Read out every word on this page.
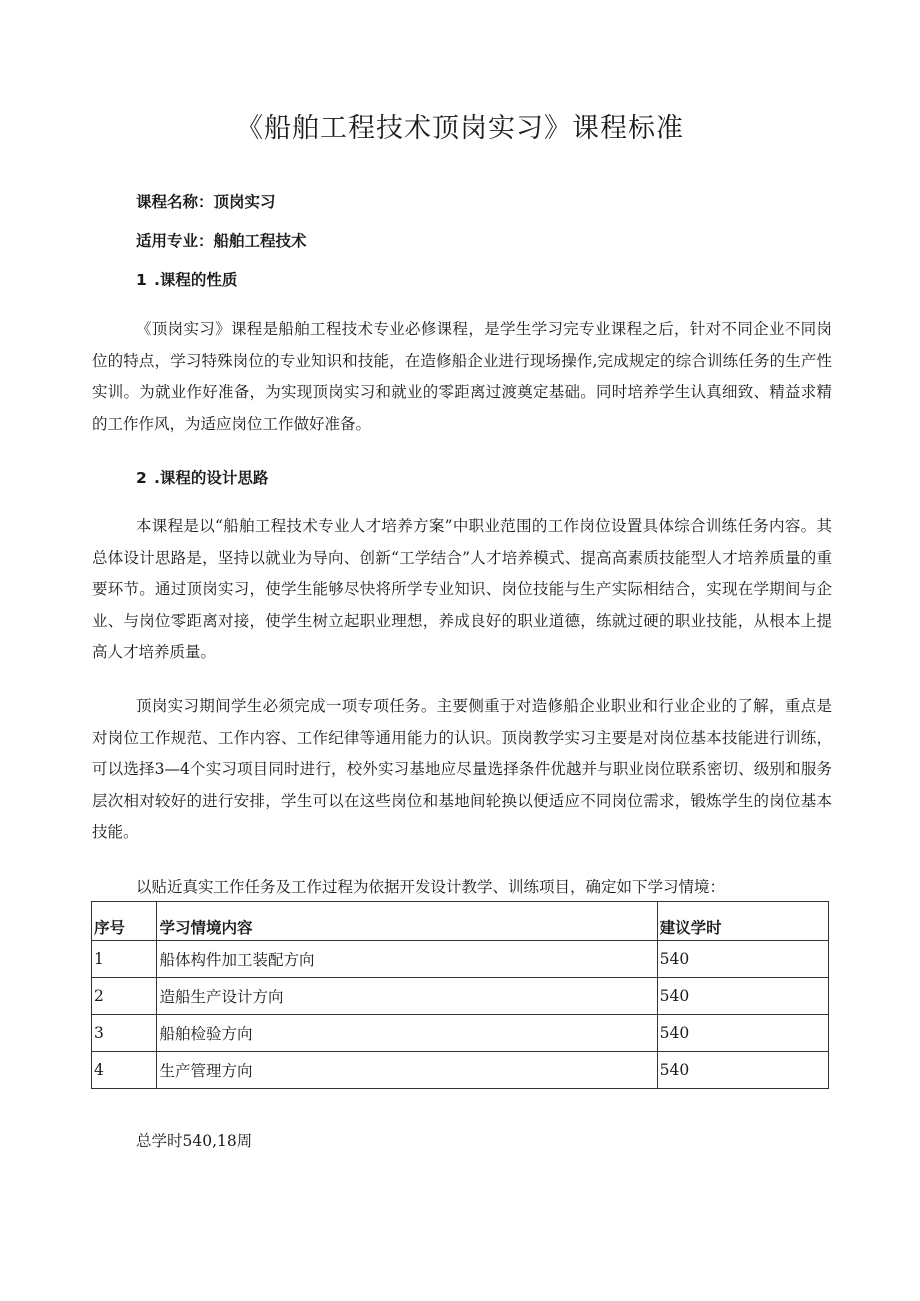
《船舶工程技术顶岗实习》课程标准
课程名称：顶岗实习
适用专业：船舶工程技术
1 .课程的性质
《顶岗实习》课程是船舶工程技术专业必修课程，是学生学习完专业课程之后，针对不同企业不同岗位的特点，学习特殊岗位的专业知识和技能，在造修船企业进行现场操作,完成规定的综合训练任务的生产性实训。为就业作好准备，为实现顶岗实习和就业的零距离过渡奠定基础。同时培养学生认真细致、精益求精的工作作风，为适应岗位工作做好准备。
2 .课程的设计思路
本课程是以“船舶工程技术专业人才培养方案”中职业范围的工作岗位设置具体综合训练任务内容。其总体设计思路是，坚持以就业为导向、创新“工学结合”人才培养模式、提高高素质技能型人才培养质量的重要环节。通过顶岗实习，使学生能够尽快将所学专业知识、岗位技能与生产实际相结合，实现在学期间与企业、与岗位零距离对接，使学生树立起职业理想，养成良好的职业道德，练就过硬的职业技能，从根本上提高人才培养质量。
顶岗实习期间学生必须完成一项专项任务。主要侧重于对造修船企业职业和行业企业的了解，重点是对岗位工作规范、工作内容、工作纪律等通用能力的认识。顶岗教学实习主要是对岗位基本技能进行训练，可以选择3—4个实习项目同时进行，校外实习基地应尽量选择条件优越并与职业岗位联系密切、级别和服务层次相对较好的进行安排，学生可以在这些岗位和基地间轮换以便适应不同岗位需求，锻炼学生的岗位基本技能。
以贴近真实工作任务及工作过程为依据开发设计教学、训练项目，确定如下学习情境：
序号	学习情境内容	建议学时
1	船体构件加工装配方向	540
2	造船生产设计方向	540
3	船舶检验方向	540
4	生产管理方向	540
总学时540,18周
